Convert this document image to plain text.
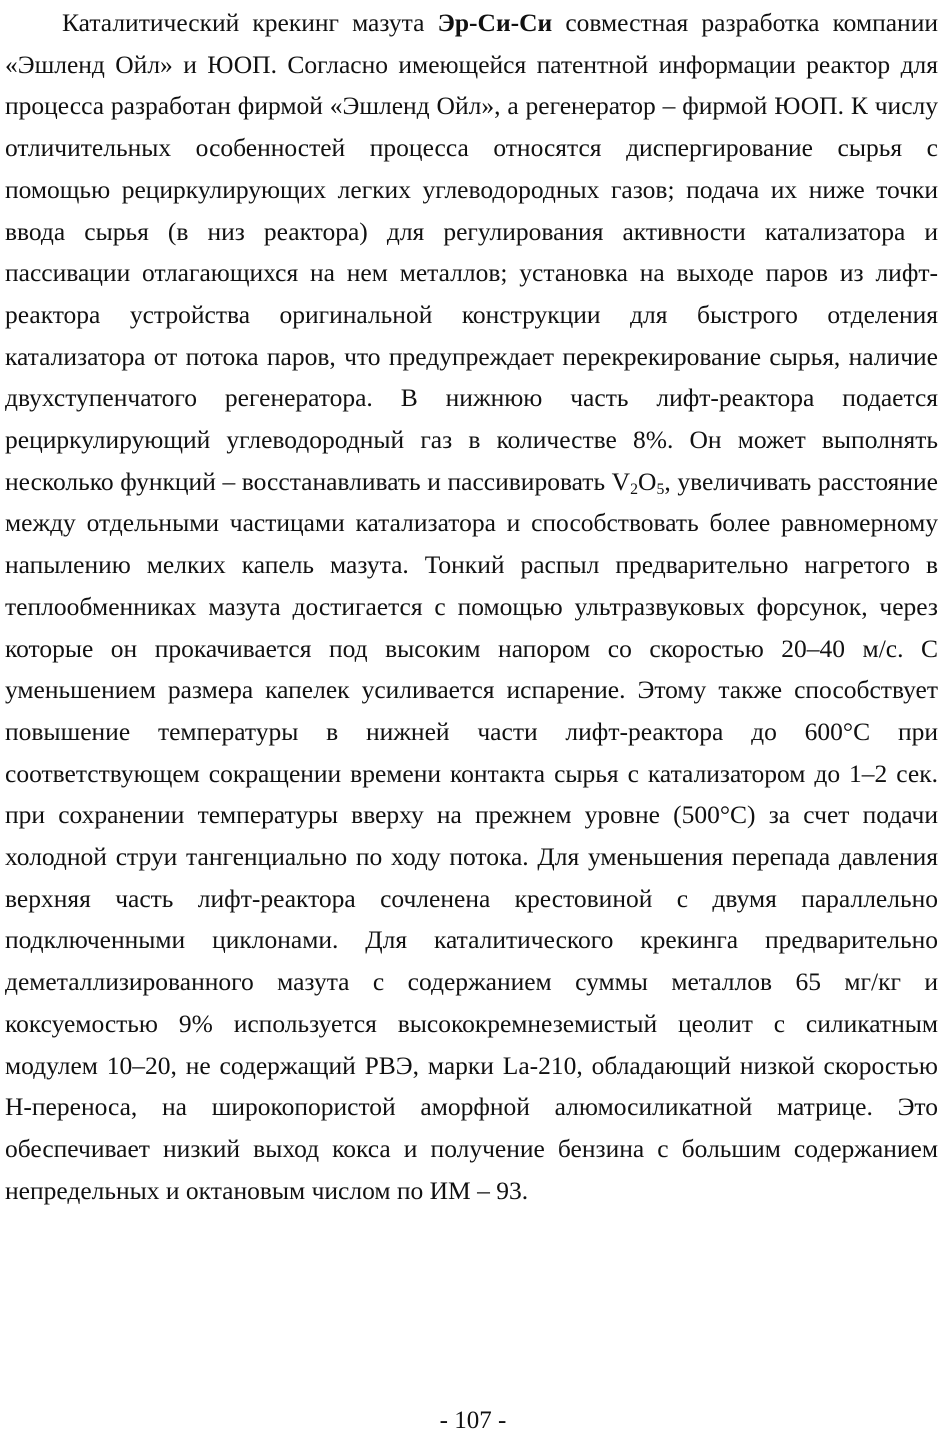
Каталитический крекинг мазута Эр-Си-Си совместная разработка компании «Эшленд Ойл» и ЮОП. Согласно имеющейся патентной информации реактор для процесса разработан фирмой «Эшленд Ойл», а регенератор – фирмой ЮОП. К числу отличительных особенностей процесса относятся диспергирование сырья с помощью рециркулирующих легких углеводородных газов; подача их ниже точки ввода сырья (в низ реактора) для регулирования активности катализатора и пассивации отлагающихся на нем металлов; установка на выходе паров из лифт-реактора устройства оригинальной конструкции для быстрого отделения катализатора от потока паров, что предупреждает перекрекирование сырья, наличие двухступенчатого регенератора. В нижнюю часть лифт-реактора подается рециркулирующий углеводородный газ в количестве 8%. Он может выполнять несколько функций – восстанавливать и пассивировать $V_2O_5$, увеличивать расстояние между отдельными частицами катализатора и способствовать более равномерному напылению мелких капель мазута. Тонкий распыл предварительно нагретого в теплообменниках мазута достигается с помощью ультразвуковых форсунок, через которые он прокачивается под высоким напором со скоростью 20–40 м/с. С уменьшением размера капелек усиливается испарение. Этому также способствует повышение температуры в нижней части лифт-реактора до 600°С при соответствующем сокращении времени контакта сырья с катализатором до 1–2 сек. при сохранении температуры вверху на прежнем уровне (500°С) за счет подачи холодной струи тангенциально по ходу потока. Для уменьшения перепада давления верхняя часть лифт-реактора сочленена крестовиной с двумя параллельно подключенными циклонами. Для каталитического крекинга предварительно деметаллизированного мазута с содержанием суммы металлов 65 мг/кг и коксуемостью 9% используется высококремнеземистый цеолит с силикатным модулем 10–20, не содержащий РВЭ, марки La-210, обладающий низкой скоростью Н-переноса, на широкопористой аморфной алюмосиликатной матрице. Это обеспечивает низкий выход кокса и получение бензина с большим содержанием непредельных и октановым числом по ИМ – 93.
- 107 -
